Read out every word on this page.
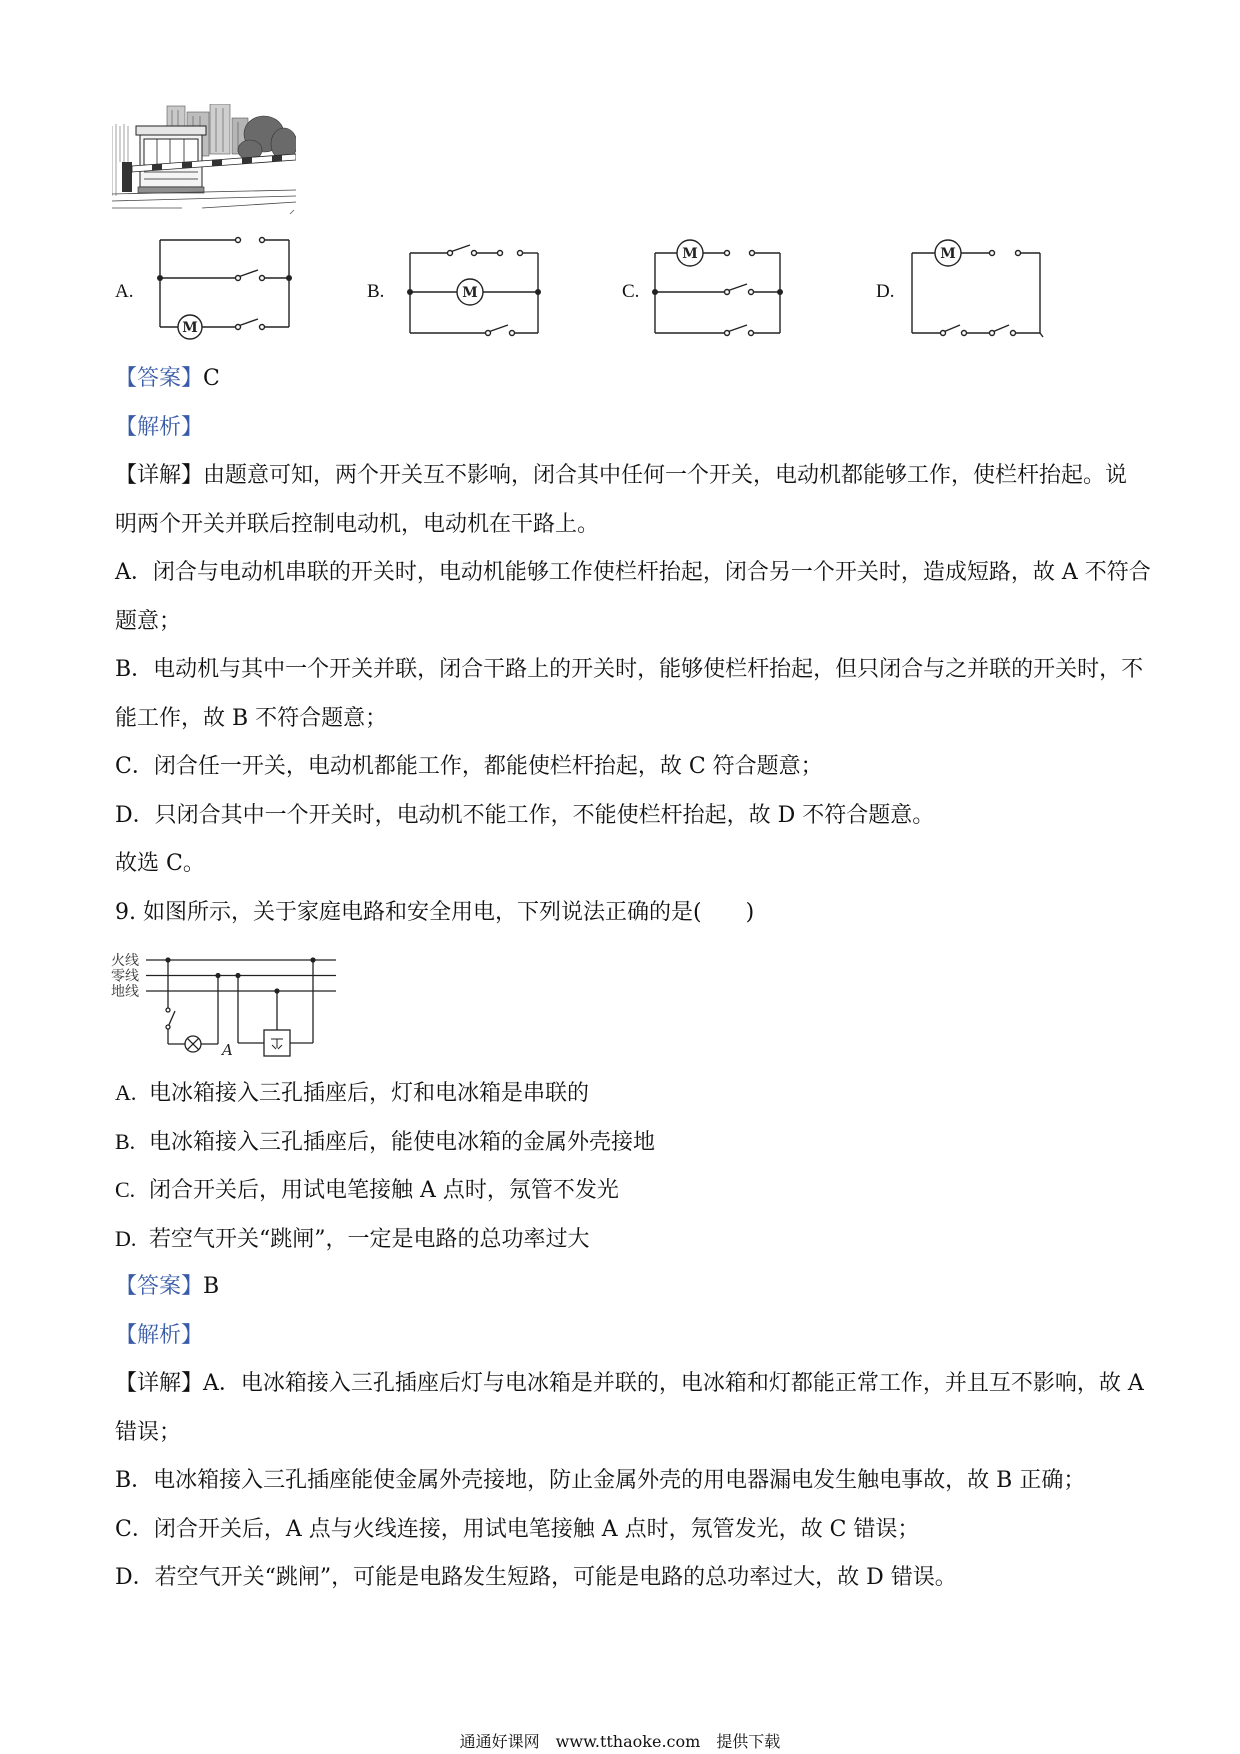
A.	B.	C.	D.
M
M
M	M
【答案】C
【解析】
【详解】由题意可知，两个开关互不影响，闭合其中任何一个开关，电动机都能够工作，使栏杆抬起。说
明两个开关并联后控制电动机，电动机在干路上。
A．闭合与电动机串联的开关时，电动机能够工作使栏杆抬起，闭合另一个开关时，造成短路，故 A 不符合
题意；
B．电动机与其中一个开关并联，闭合干路上的开关时，能够使栏杆抬起，但只闭合与之并联的开关时，不
能工作，故 B 不符合题意；
C．闭合任一开关，电动机都能工作，都能使栏杆抬起，故 C 符合题意；
D．只闭合其中一个开关时，电动机不能工作，不能使栏杆抬起，故 D 不符合题意。
故选 C。
9. 如图所示，关于家庭电路和安全用电，下列说法正确的是(　　)
火线
零线
地线
A
A. 电冰箱接入三孔插座后，灯和电冰箱是串联的
B. 电冰箱接入三孔插座后，能使电冰箱的金属外壳接地
C. 闭合开关后，用试电笔接触 A 点时，氖管不发光
D. 若空气开关“跳闸”，一定是电路的总功率过大
【答案】B
【解析】
【详解】A．电冰箱接入三孔插座后灯与电冰箱是并联的，电冰箱和灯都能正常工作，并且互不影响，故 A
错误；
B．电冰箱接入三孔插座能使金属外壳接地，防止金属外壳的用电器漏电发生触电事故，故 B 正确；
C．闭合开关后，A 点与火线连接，用试电笔接触 A 点时，氖管发光，故 C 错误；
D．若空气开关“跳闸”，可能是电路发生短路，可能是电路的总功率过大，故 D 错误。
通通好课网　www.tthaoke.com　提供下载
